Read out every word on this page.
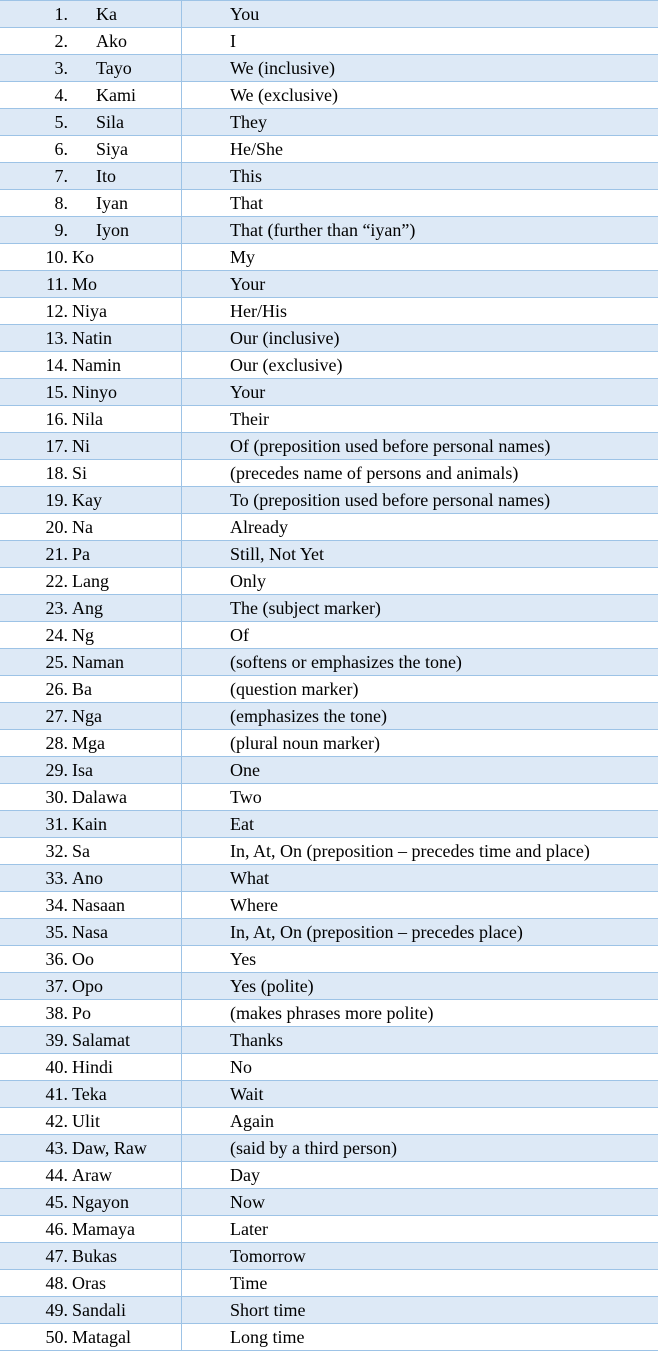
1.	Ka	You
2.	Ako	I
3.	Tayo	We (inclusive)
4.	Kami	We (exclusive)
5.	Sila	They
6.	Siya	He/She
7.	Ito	This
8.	Iyan	That
9.	Iyon	That (further than “iyan”)
10. Ko	My
11. Mo	Your
12. Niya	Her/His
13. Natin	Our (inclusive)
14. Namin	Our (exclusive)
15. Ninyo	Your
16. Nila	Their
17. Ni	Of (preposition used before personal names)
18. Si	(precedes name of persons and animals)
19. Kay	To (preposition used before personal names)
20. Na	Already
21. Pa	Still, Not Yet
22. Lang	Only
23. Ang	The (subject marker)
24. Ng	Of
25. Naman	(softens or emphasizes the tone)
26. Ba	(question marker)
27. Nga	(emphasizes the tone)
28. Mga	(plural noun marker)
29. Isa	One
30. Dalawa	Two
31. Kain	Eat
32. Sa	In, At, On (preposition – precedes time and place)
33. Ano	What
34. Nasaan	Where
35. Nasa	In, At, On (preposition – precedes place)
36. Oo	Yes
37. Opo	Yes (polite)
38. Po	(makes phrases more polite)
39. Salamat	Thanks
40. Hindi	No
41. Teka	Wait
42. Ulit	Again
43. Daw, Raw	(said by a third person)
44. Araw	Day
45. Ngayon	Now
46. Mamaya	Later
47. Bukas	Tomorrow
48. Oras	Time
49. Sandali	Short time
50. Matagal	Long time
